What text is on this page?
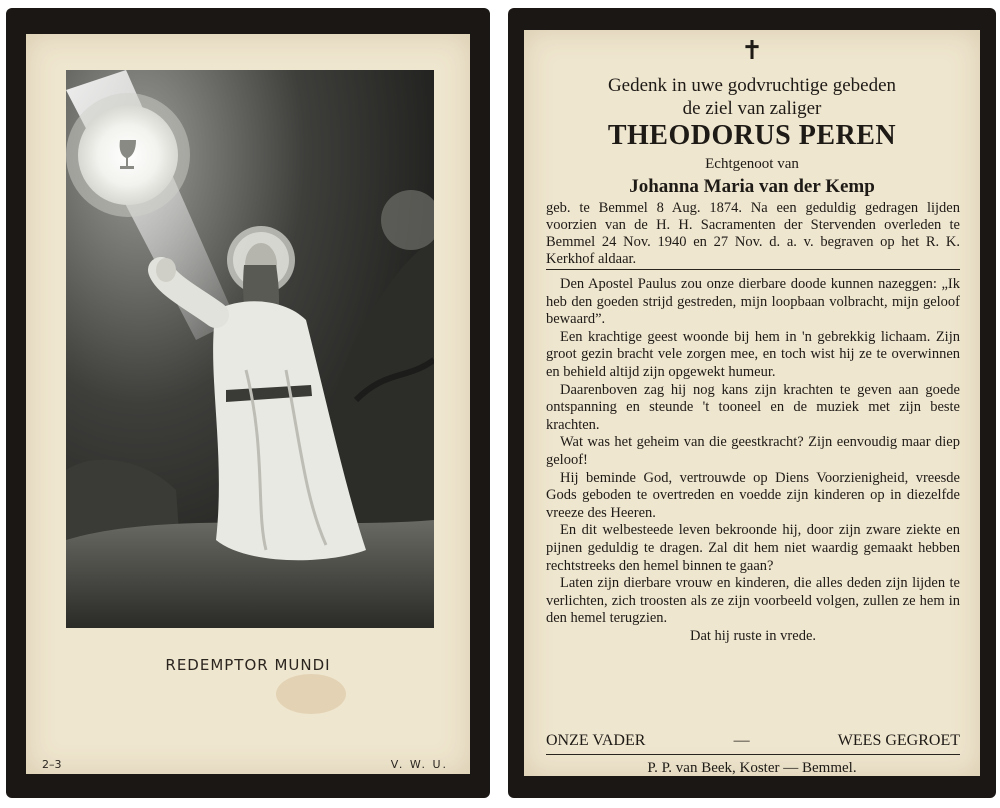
REDEMPTOR MUNDI
2–3	V. W. U.
✝
Gedenk in uwe godvruchtige gebeden
de ziel van zaliger
THEODORUS PEREN
Echtgenoot van
Johanna Maria van der Kemp
geb. te Bemmel 8 Aug. 1874. Na een geduldig gedragen lijden voorzien van de H. H. Sacramenten der Stervenden overleden te Bemmel 24 Nov. 1940 en 27 Nov. d. a. v. begraven op het R. K. Kerkhof aldaar.

Den Apostel Paulus zou onze dierbare doode kunnen nazeggen: „Ik heb den goeden strijd gestreden, mijn loopbaan volbracht, mijn geloof bewaard”.

Een krachtige geest woonde bij hem in 'n gebrekkig lichaam. Zijn groot gezin bracht vele zorgen mee, en toch wist hij ze te overwinnen en behield altijd zijn opgewekt humeur.

Daarenboven zag hij nog kans zijn krachten te geven aan goede ontspanning en steunde 't tooneel en de muziek met zijn beste krachten.

Wat was het geheim van die geestkracht? Zijn eenvoudig maar diep geloof!

Hij beminde God, vertrouwde op Diens Voorzienigheid, vreesde Gods geboden te overtreden en voedde zijn kinderen op in diezelfde vreeze des Heeren.

En dit welbesteede leven bekroonde hij, door zijn zware ziekte en pijnen geduldig te dragen. Zal dit hem niet waardig gemaakt hebben rechtstreeks den hemel binnen te gaan?

Laten zijn dierbare vrouw en kinderen, die alles deden zijn lijden te verlichten, zich troosten als ze zijn voorbeeld volgen, zullen ze hem in den hemel terugzien.

Dat hij ruste in vrede.

ONZE VADER	—	WEES GEGROET
P. P. van Beek, Koster — Bemmel.
